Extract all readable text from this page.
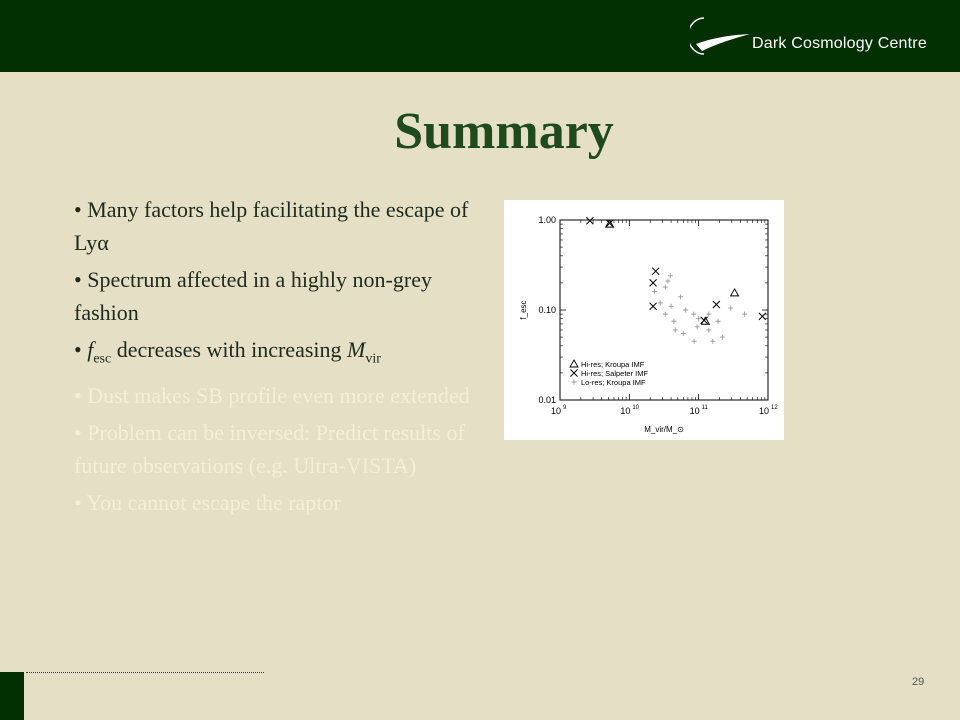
Dark Cosmology Centre
Summary
• Many factors help facilitating the escape of Lyα
• Spectrum affected in a highly non-grey fashion
• $f_{esc}$ decreases with increasing $M_{vir}$
• Dust makes SB profile even more extended
• Problem can be inversed: Predict results of future observations (e.g. Ultra-VISTA)
• You cannot escape the raptor
10 9	10 10	10 11	10 12
1.00
0.10
0.01
M_vir/M_⊙
f_esc
Hi-res; Kroupa IMF
Hi-res; Salpeter IMF
Lo-res; Kroupa IMF
29
